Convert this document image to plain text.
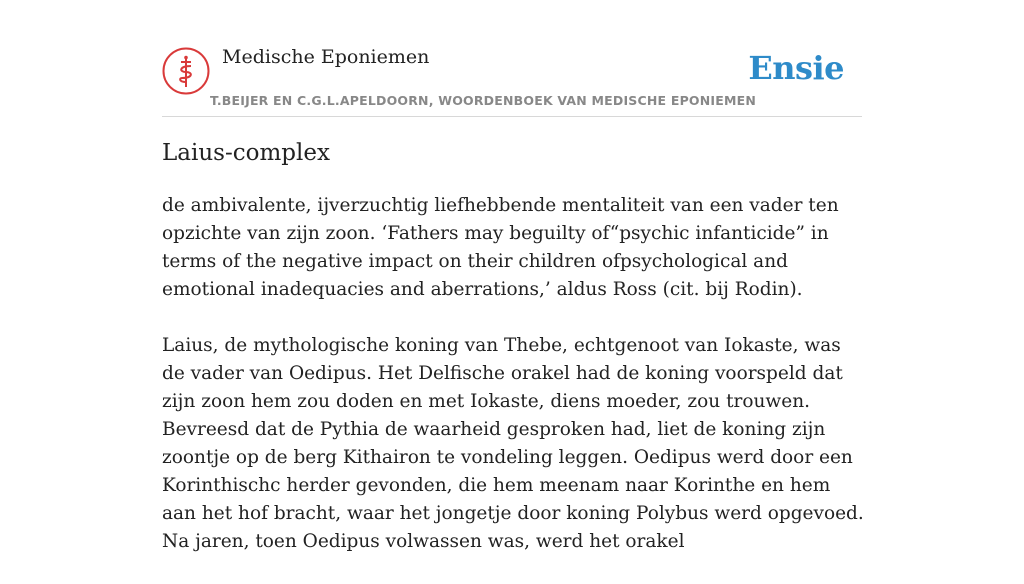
Medische Eponiemen
T.BEIJER EN C.G.L.APELDOORN, WOORDENBOEK VAN MEDISCHE EPONIEMEN
Ensie
Laius-complex

de ambivalente, ijverzuchtig liefhebbende mentaliteit van een vader ten opzichte van zijn zoon. ‘Fathers may beguilty of“psychic infanticide” in terms of the negative impact on their children ofpsychological and emotional inadequacies and aberrations,’ aldus Ross (cit. bij Rodin).

Laius, de mythologische koning van Thebe, echtgenoot van Iokaste, was de vader van Oedipus. Het Delfische orakel had de koning voorspeld dat zijn zoon hem zou doden en met Iokaste, diens moeder, zou trouwen. Bevreesd dat de Pythia de waarheid gesproken had, liet de koning zijn zoontje op de berg Kithairon te vondeling leggen. Oedipus werd door een Korinthischc herder gevonden, die hem meenam naar Korinthe en hem aan het hof bracht, waar het jongetje door koning Polybus werd opgevoed. Na jaren, toen Oedipus volwassen was, werd het orakel
